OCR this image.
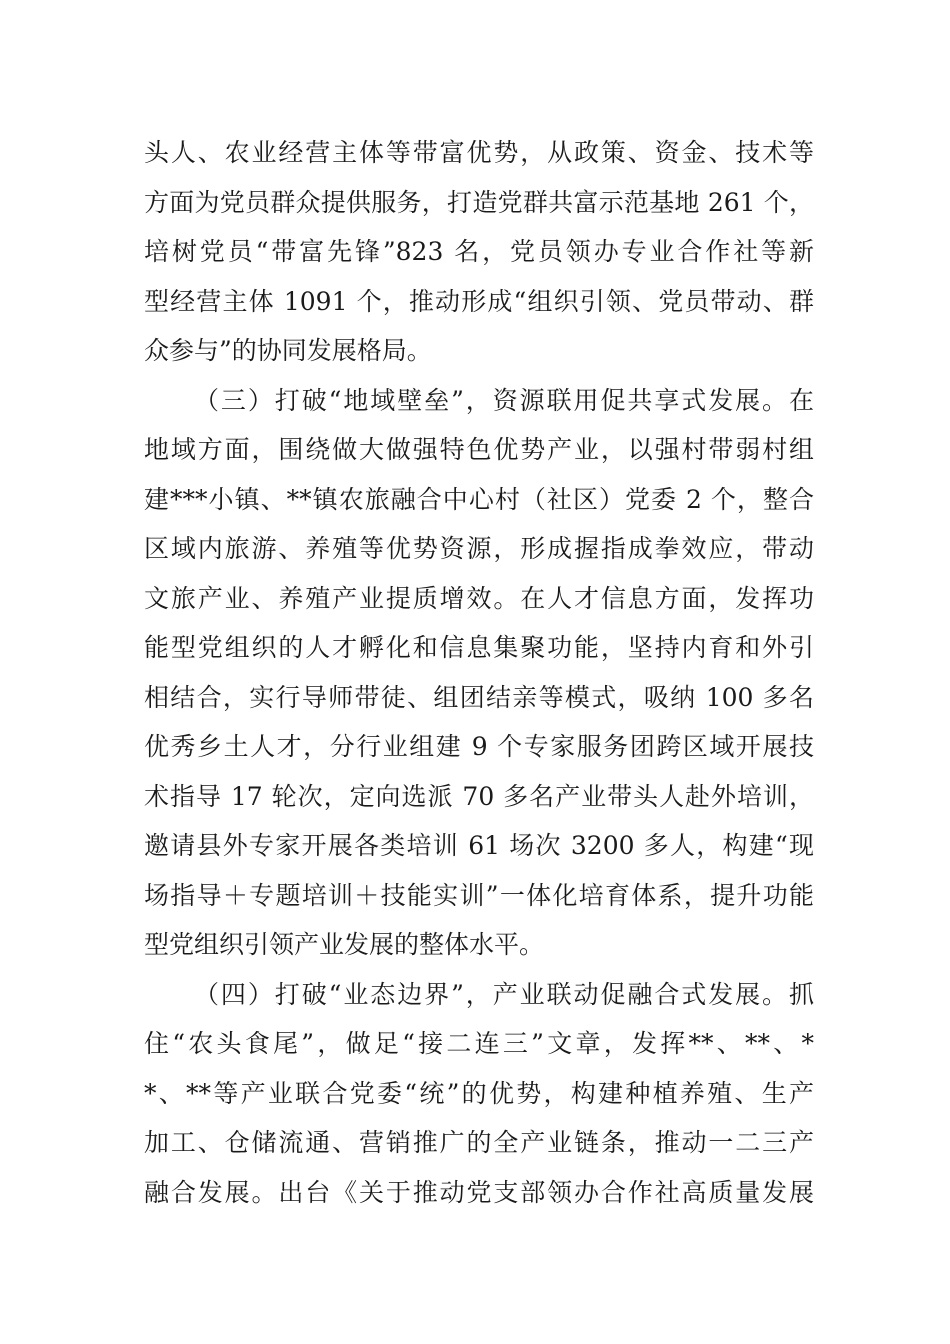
头人、农业经营主体等带富优势，从政策、资金、技术等
方面为党员群众提供服务，打造党群共富示范基地 261 个，
培树党员“带富先锋”823 名，党员领办专业合作社等新
型经营主体 1091 个，推动形成“组织引领、党员带动、群
众参与”的协同发展格局。
（三）打破“地域壁垒”，资源联用促共享式发展。在
地域方面，围绕做大做强特色优势产业，以强村带弱村组
建***小镇、**镇农旅融合中心村（社区）党委 2 个，整合
区域内旅游、养殖等优势资源，形成握指成拳效应，带动
文旅产业、养殖产业提质增效。在人才信息方面，发挥功
能型党组织的人才孵化和信息集聚功能，坚持内育和外引
相结合，实行导师带徒、组团结亲等模式，吸纳 100 多名
优秀乡土人才，分行业组建 9 个专家服务团跨区域开展技
术指导 17 轮次，定向选派 70 多名产业带头人赴外培训，
邀请县外专家开展各类培训 61 场次 3200 多人，构建“现
场指导＋专题培训＋技能实训”一体化培育体系，提升功能
型党组织引领产业发展的整体水平。
（四）打破“业态边界”，产业联动促融合式发展。抓
住“农头食尾”，做足“接二连三”文章，发挥**、**、*
*、**等产业联合党委“统”的优势，构建种植养殖、生产
加工、仓储流通、营销推广的全产业链条，推动一二三产
融合发展。出台《关于推动党支部领办合作社高质量发展
